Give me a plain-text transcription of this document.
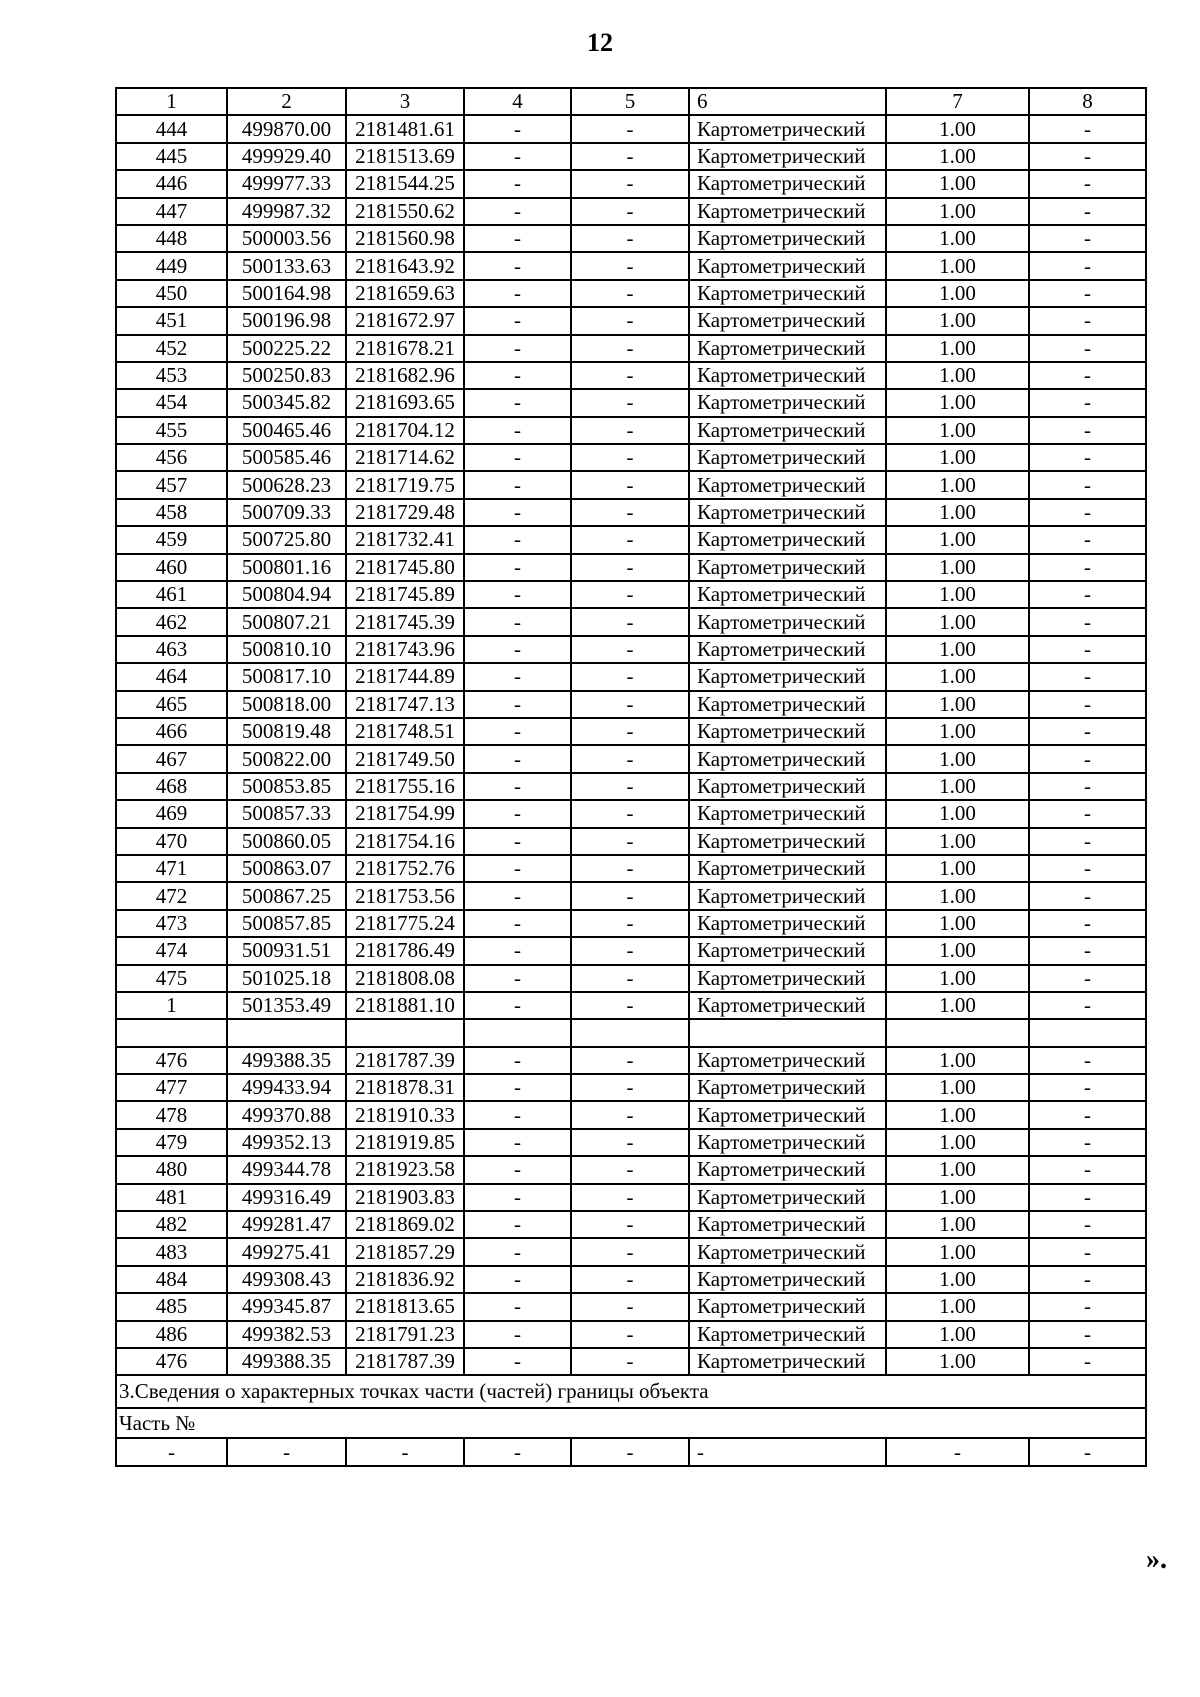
12
1	2	3	4	5	6	7	8
444	499870.00	2181481.61	-	-	Картометрический	1.00	-
445	499929.40	2181513.69	-	-	Картометрический	1.00	-
446	499977.33	2181544.25	-	-	Картометрический	1.00	-
447	499987.32	2181550.62	-	-	Картометрический	1.00	-
448	500003.56	2181560.98	-	-	Картометрический	1.00	-
449	500133.63	2181643.92	-	-	Картометрический	1.00	-
450	500164.98	2181659.63	-	-	Картометрический	1.00	-
451	500196.98	2181672.97	-	-	Картометрический	1.00	-
452	500225.22	2181678.21	-	-	Картометрический	1.00	-
453	500250.83	2181682.96	-	-	Картометрический	1.00	-
454	500345.82	2181693.65	-	-	Картометрический	1.00	-
455	500465.46	2181704.12	-	-	Картометрический	1.00	-
456	500585.46	2181714.62	-	-	Картометрический	1.00	-
457	500628.23	2181719.75	-	-	Картометрический	1.00	-
458	500709.33	2181729.48	-	-	Картометрический	1.00	-
459	500725.80	2181732.41	-	-	Картометрический	1.00	-
460	500801.16	2181745.80	-	-	Картометрический	1.00	-
461	500804.94	2181745.89	-	-	Картометрический	1.00	-
462	500807.21	2181745.39	-	-	Картометрический	1.00	-
463	500810.10	2181743.96	-	-	Картометрический	1.00	-
464	500817.10	2181744.89	-	-	Картометрический	1.00	-
465	500818.00	2181747.13	-	-	Картометрический	1.00	-
466	500819.48	2181748.51	-	-	Картометрический	1.00	-
467	500822.00	2181749.50	-	-	Картометрический	1.00	-
468	500853.85	2181755.16	-	-	Картометрический	1.00	-
469	500857.33	2181754.99	-	-	Картометрический	1.00	-
470	500860.05	2181754.16	-	-	Картометрический	1.00	-
471	500863.07	2181752.76	-	-	Картометрический	1.00	-
472	500867.25	2181753.56	-	-	Картометрический	1.00	-
473	500857.85	2181775.24	-	-	Картометрический	1.00	-
474	500931.51	2181786.49	-	-	Картометрический	1.00	-
475	501025.18	2181808.08	-	-	Картометрический	1.00	-
1	501353.49	2181881.10	-	-	Картометрический	1.00	-

476	499388.35	2181787.39	-	-	Картометрический	1.00	-
477	499433.94	2181878.31	-	-	Картометрический	1.00	-
478	499370.88	2181910.33	-	-	Картометрический	1.00	-
479	499352.13	2181919.85	-	-	Картометрический	1.00	-
480	499344.78	2181923.58	-	-	Картометрический	1.00	-
481	499316.49	2181903.83	-	-	Картометрический	1.00	-
482	499281.47	2181869.02	-	-	Картометрический	1.00	-
483	499275.41	2181857.29	-	-	Картометрический	1.00	-
484	499308.43	2181836.92	-	-	Картометрический	1.00	-
485	499345.87	2181813.65	-	-	Картометрический	1.00	-
486	499382.53	2181791.23	-	-	Картометрический	1.00	-
476	499388.35	2181787.39	-	-	Картометрический	1.00	-
3.Сведения о характерных точках части (частей) границы объекта							
Часть №							
-	-	-	-	-	-	-	-
».
